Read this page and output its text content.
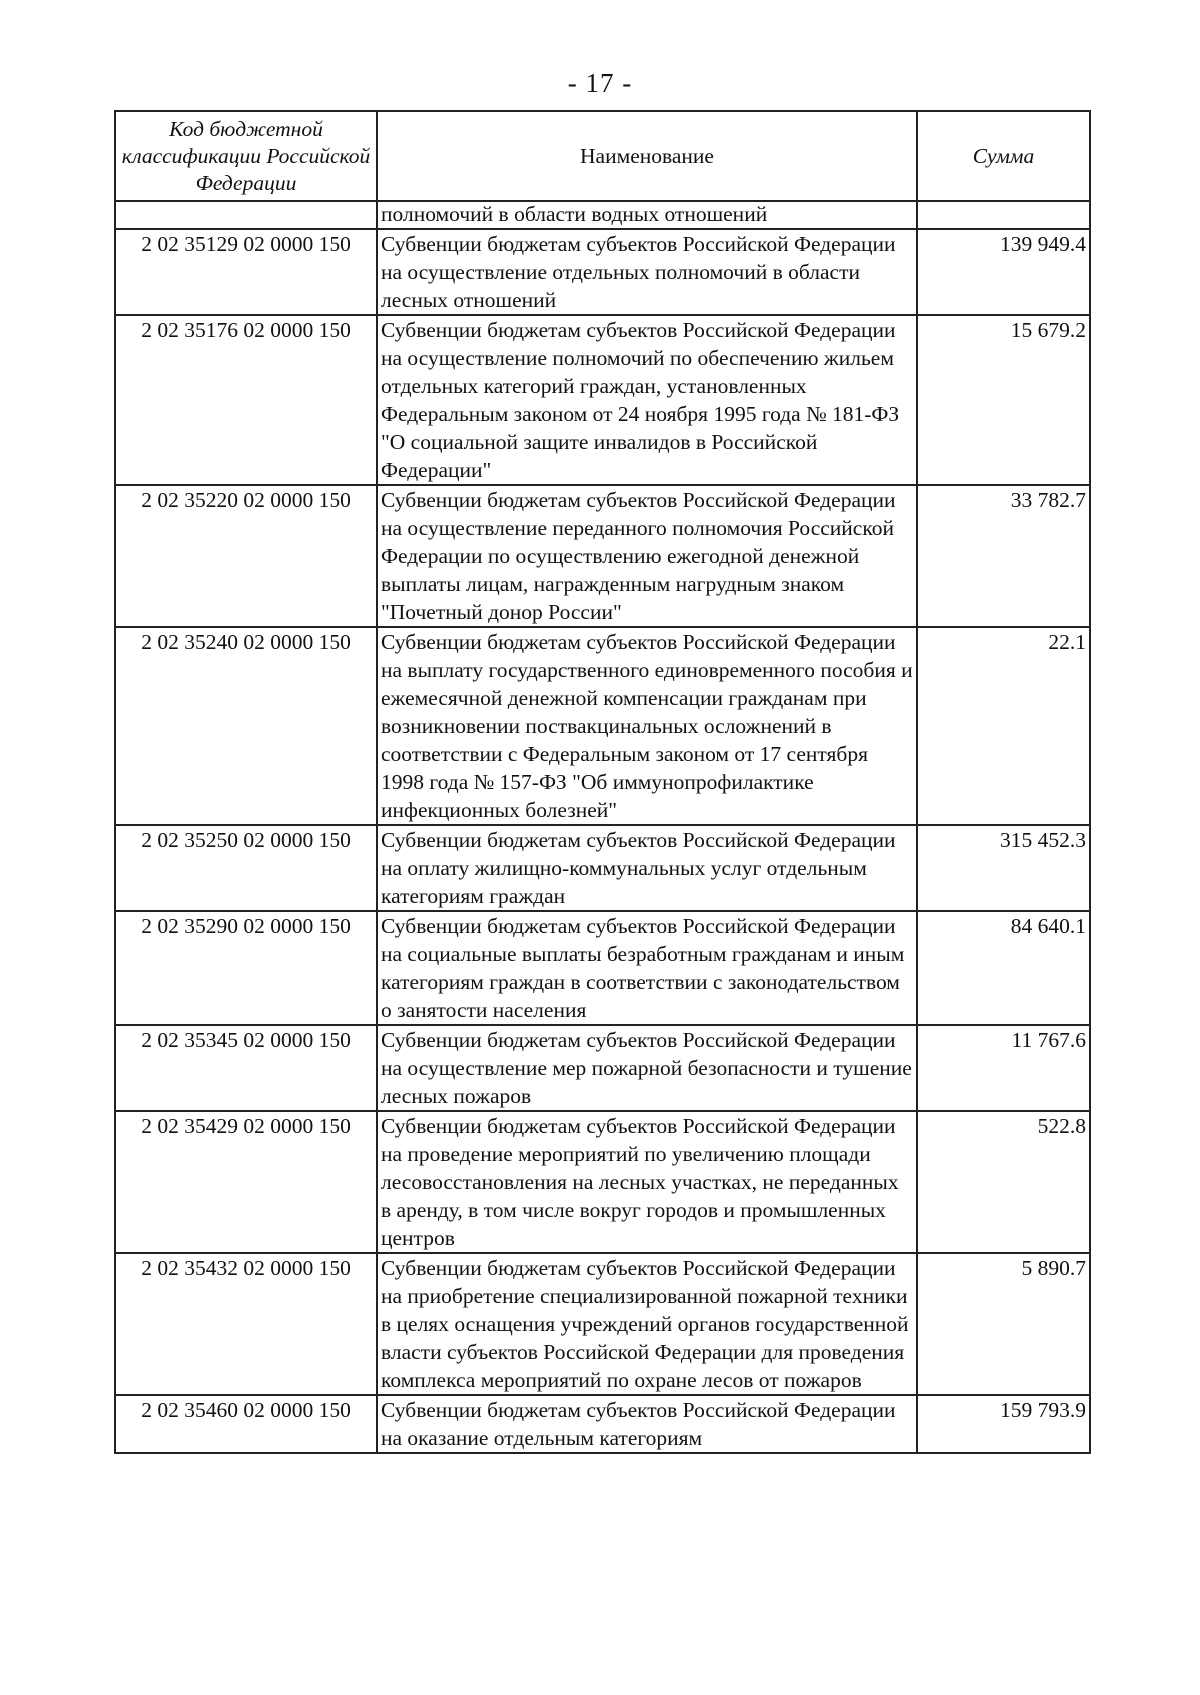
- 17 -
Код бюджетной классификации Российской Федерации	Наименование	Сумма
	полномочий в области водных отношений	
2 02 35129 02 0000 150	Субвенции бюджетам субъектов Российской Федерации на осуществление отдельных полномочий в области лесных отношений	139 949.4
2 02 35176 02 0000 150	Субвенции бюджетам субъектов Российской Федерации на осуществление полномочий по обеспечению жильем отдельных категорий граждан, установленных Федеральным законом от 24 ноября 1995 года № 181-ФЗ "О социальной защите инвалидов в Российской Федерации"	15 679.2
2 02 35220 02 0000 150	Субвенции бюджетам субъектов Российской Федерации на осуществление переданного полномочия Российской Федерации по осуществлению ежегодной денежной выплаты лицам, награжденным нагрудным знаком "Почетный донор России"	33 782.7
2 02 35240 02 0000 150	Субвенции бюджетам субъектов Российской Федерации на выплату государственного единовременного пособия и ежемесячной денежной компенсации гражданам при возникновении поствакцинальных осложнений в соответствии с Федеральным законом от 17 сентября 1998 года № 157-ФЗ "Об иммунопрофилактике инфекционных болезней"	22.1
2 02 35250 02 0000 150	Субвенции бюджетам субъектов Российской Федерации на оплату жилищно-коммунальных услуг отдельным категориям граждан	315 452.3
2 02 35290 02 0000 150	Субвенции бюджетам субъектов Российской Федерации на социальные выплаты безработным гражданам и иным категориям граждан в соответствии с законодательством о занятости населения	84 640.1
2 02 35345 02 0000 150	Субвенции бюджетам субъектов Российской Федерации на осуществление мер пожарной безопасности и тушение лесных пожаров	11 767.6
2 02 35429 02 0000 150	Субвенции бюджетам субъектов Российской Федерации на проведение мероприятий по увеличению площади лесовосстановления на лесных участках, не переданных в аренду, в том числе вокруг городов и промышленных центров	522.8
2 02 35432 02 0000 150	Субвенции бюджетам субъектов Российской Федерации на приобретение специализированной пожарной техники в целях оснащения учреждений органов государственной власти субъектов Российской Федерации для проведения комплекса мероприятий по охране лесов от пожаров	5 890.7
2 02 35460 02 0000 150	Субвенции бюджетам субъектов Российской Федерации на оказание отдельным категориям	159 793.9
